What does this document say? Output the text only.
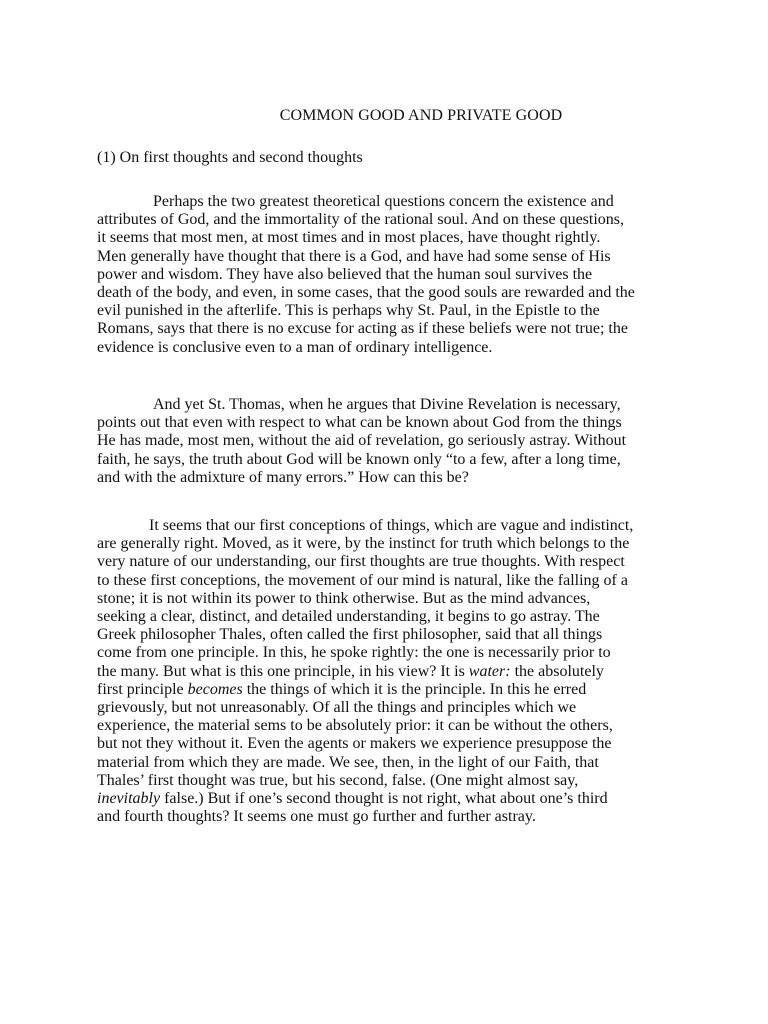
COMMON GOOD AND PRIVATE GOOD
(1) On first thoughts and second thoughts
Perhaps the two greatest theoretical questions concern the existence and
attributes of God, and the immortality of the rational soul. And on these questions,
it seems that most men, at most times and in most places, have thought rightly.
Men generally have thought that there is a God, and have had some sense of His
power and wisdom. They have also believed that the human soul survives the
death of the body, and even, in some cases, that the good souls are rewarded and the
evil punished in the afterlife. This is perhaps why St. Paul, in the Epistle to the
Romans, says that there is no excuse for acting as if these beliefs were not true; the
evidence is conclusive even to a man of ordinary intelligence.
And yet St. Thomas, when he argues that Divine Revelation is necessary,
points out that even with respect to what can be known about God from the things
He has made, most men, without the aid of revelation, go seriously astray. Without
faith, he says, the truth about God will be known only “to a few, after a long time,
and with the admixture of many errors.” How can this be?
It seems that our first conceptions of things, which are vague and indistinct,
are generally right. Moved, as it were, by the instinct for truth which belongs to the
very nature of our understanding, our first thoughts are true thoughts. With respect
to these first conceptions, the movement of our mind is natural, like the falling of a
stone; it is not within its power to think otherwise. But as the mind advances,
seeking a clear, distinct, and detailed understanding, it begins to go astray. The
Greek philosopher Thales, often called the first philosopher, said that all things
come from one principle. In this, he spoke rightly: the one is necessarily prior to
the many. But what is this one principle, in his view? It is water: the absolutely
first principle becomes the things of which it is the principle. In this he erred
grievously, but not unreasonably. Of all the things and principles which we
experience, the material sems to be absolutely prior: it can be without the others,
but not they without it. Even the agents or makers we experience presuppose the
material from which they are made. We see, then, in the light of our Faith, that
Thales’ first thought was true, but his second, false. (One might almost say,
inevitably false.) But if one’s second thought is not right, what about one’s third
and fourth thoughts? It seems one must go further and further astray.
